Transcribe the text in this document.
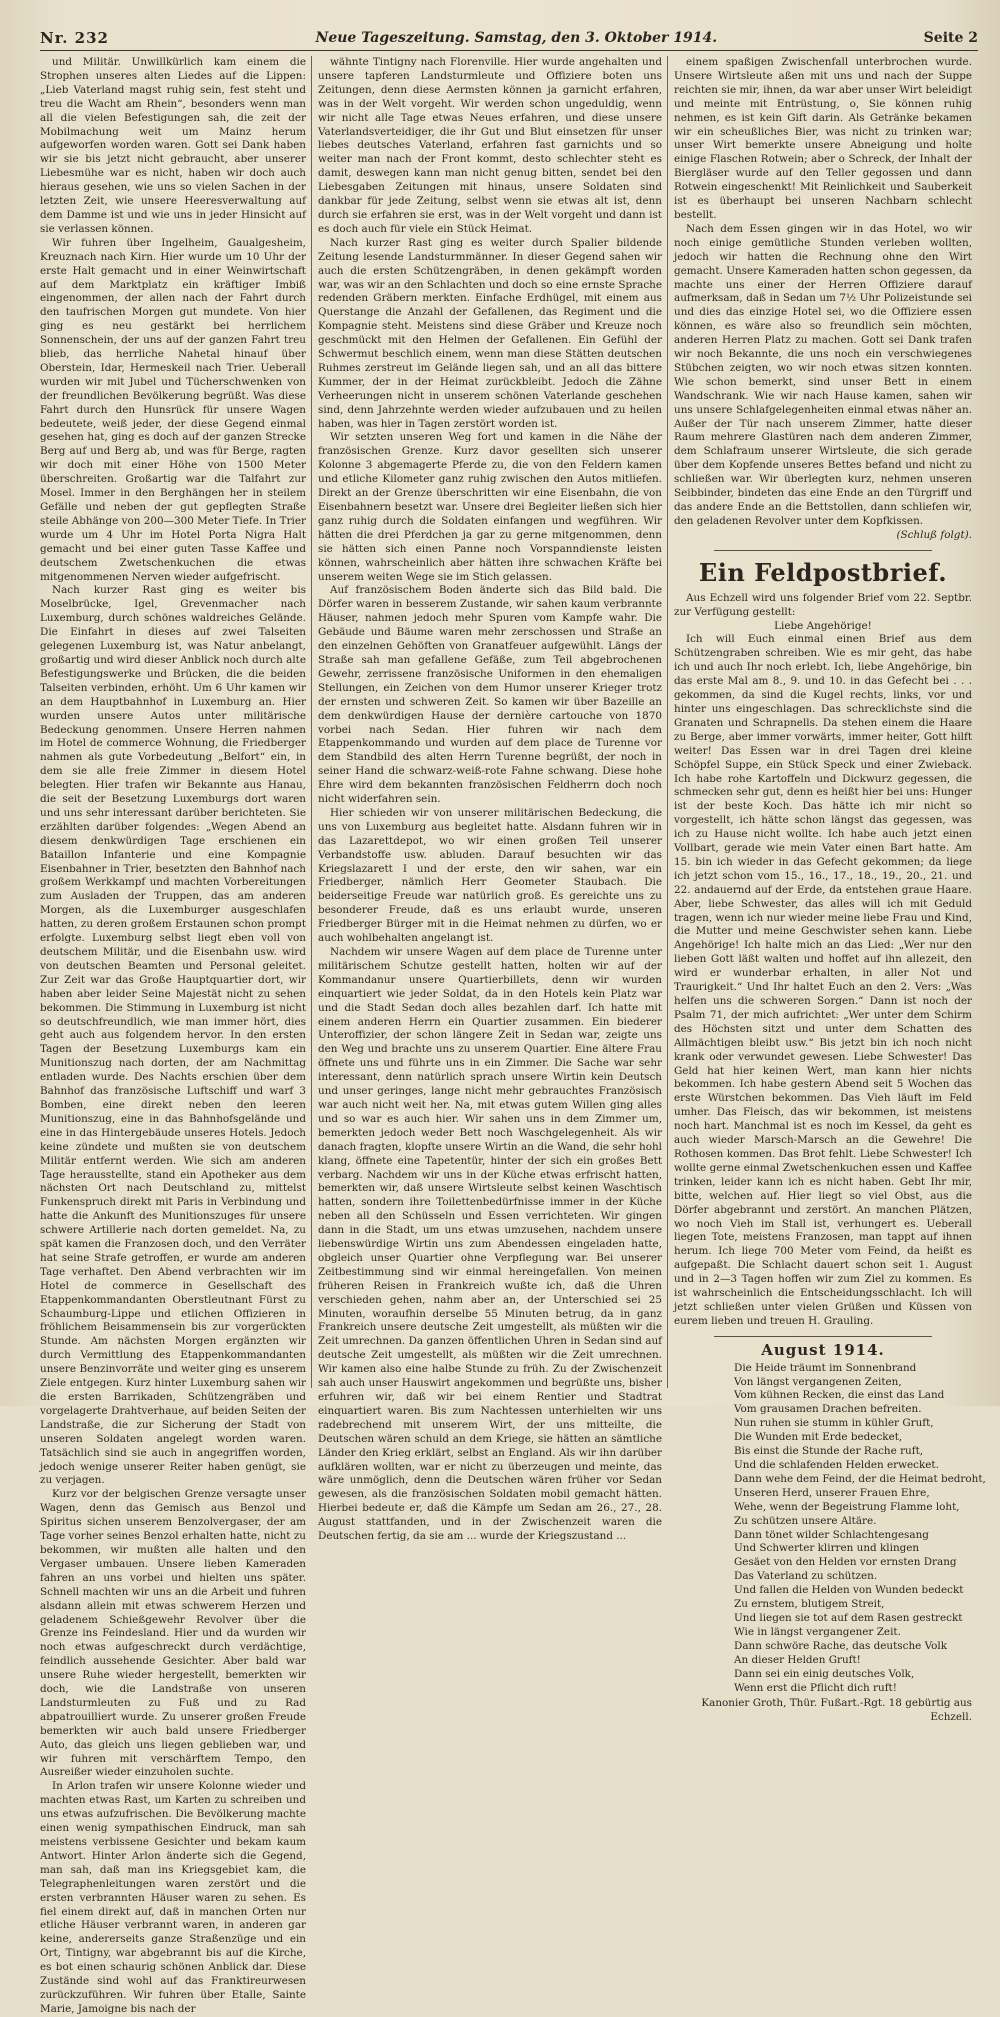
Nr. 232	Neue Tageszeitung. Samstag, den 3. Oktober 1914.	Seite 2

und Militär. Unwillkürlich kam einem die Strophen unseres alten Liedes auf die Lippen: „Lieb Vaterland magst ruhig sein, fest steht und treu die Wacht am Rhein“, besonders wenn man all die vielen Befestigungen sah, die zeit der Mobilmachung weit um Mainz herum aufgeworfen worden waren. Gott sei Dank haben wir sie bis jetzt nicht gebraucht, aber unserer Liebesmühe war es nicht, haben wir doch auch hieraus gesehen, wie uns so vielen Sachen in der letzten Zeit, wie unsere Heeresverwaltung auf dem Damme ist und wie uns in jeder Hinsicht auf sie verlassen können.

Wir fuhren über Ingelheim, Gaualgesheim, Kreuznach nach Kirn. Hier wurde um 10 Uhr der erste Halt gemacht und in einer Weinwirtschaft auf dem Marktplatz ein kräftiger Imbiß eingenommen, der allen nach der Fahrt durch den taufrischen Morgen gut mundete. Von hier ging es neu gestärkt bei herrlichem Sonnenschein, der uns auf der ganzen Fahrt treu blieb, das herrliche Nahetal hinauf über Oberstein, Idar, Hermeskeil nach Trier. Ueberall wurden wir mit Jubel und Tücherschwenken von der freundlichen Bevölkerung begrüßt. Was diese Fahrt durch den Hunsrück für unsere Wagen bedeutete, weiß jeder, der diese Gegend einmal gesehen hat, ging es doch auf der ganzen Strecke Berg auf und Berg ab, und was für Berge, ragten wir doch mit einer Höhe von 1500 Meter überschreiten. Großartig war die Talfahrt zur Mosel. Immer in den Berghängen her in steilem Gefälle und neben der gut gepflegten Straße steile Abhänge von 200—300 Meter Tiefe. In Trier wurde um 4 Uhr im Hotel Porta Nigra Halt gemacht und bei einer guten Tasse Kaffee und deutschem Zwetschenkuchen die etwas mitgenommenen Nerven wieder aufgefrischt.

Nach kurzer Rast ging es weiter bis Moselbrücke, Igel, Grevenmacher nach Luxemburg, durch schönes waldreiches Gelände. Die Einfahrt in dieses auf zwei Talseiten gelegenen Luxemburg ist, was Natur anbelangt, großartig und wird dieser Anblick noch durch alte Befestigungswerke und Brücken, die die beiden Talseiten verbinden, erhöht. Um 6 Uhr kamen wir an dem Hauptbahnhof in Luxemburg an. Hier wurden unsere Autos unter militärische Bedeckung genommen. Unsere Herren nahmen im Hotel de commerce Wohnung, die Friedberger nahmen als gute Vorbedeutung „Belfort“ ein, in dem sie alle freie Zimmer in diesem Hotel belegten. Hier trafen wir Bekannte aus Hanau, die seit der Besetzung Luxemburgs dort waren und uns sehr interessant darüber berichteten. Sie erzählten darüber folgendes: „Wegen Abend an diesem denkwürdigen Tage erschienen ein Bataillon Infanterie und eine Kompagnie Eisenbahner in Trier, besetzten den Bahnhof nach großem Werkkampf und machten Vorbereitungen zum Ausladen der Truppen, das am anderen Morgen, als die Luxemburger ausgeschlafen hatten, zu deren großem Erstaunen schon prompt erfolgte. Luxemburg selbst liegt eben voll von deutschem Militär, und die Eisenbahn usw. wird von deutschen Beamten und Personal geleitet. Zur Zeit war das Große Hauptquartier dort, wir haben aber leider Seine Majestät nicht zu sehen bekommen. Die Stimmung in Luxemburg ist nicht so deutschfreundlich, wie man immer hört, dies geht auch aus folgendem hervor. In den ersten Tagen der Besetzung Luxemburgs kam ein Munitionszug nach dorten, der am Nachmittag entladen wurde. Des Nachts erschien über dem Bahnhof das französische Luftschiff und warf 3 Bomben, eine direkt neben den leeren Munitionszug, eine in das Bahnhofsgelände und eine in das Hintergebäude unseres Hotels. Jedoch keine zündete und mußten sie von deutschem Militär entfernt werden. Wie sich am anderen Tage herausstellte, stand ein Apotheker aus dem nächsten Ort nach Deutschland zu, mittelst Funkenspruch direkt mit Paris in Verbindung und hatte die Ankunft des Munitionszuges für unsere schwere Artillerie nach dorten gemeldet. Na, zu spät kamen die Franzosen doch, und den Verräter hat seine Strafe getroffen, er wurde am anderen Tage verhaftet. Den Abend verbrachten wir im Hotel de commerce in Gesellschaft des Etappenkommandanten Oberstleutnant Fürst zu Schaumburg-Lippe und etlichen Offizieren in fröhlichem Beisammensein bis zur vorgerückten Stunde. Am nächsten Morgen ergänzten wir durch Vermittlung des Etappenkommandanten unsere Benzinvorräte und weiter ging es unserem Ziele entgegen. Kurz hinter Luxemburg sahen wir die ersten Barrikaden, Schützengräben und vorgelagerte Drahtverhaue, auf beiden Seiten der Landstraße, die zur Sicherung der Stadt von unseren Soldaten angelegt worden waren. Tatsächlich sind sie auch in angegriffen worden, jedoch wenige unserer Reiter haben genügt, sie zu verjagen.

Kurz vor der belgischen Grenze versagte unser Wagen, denn das Gemisch aus Benzol und Spiritus sichen unserem Benzolvergaser, der am Tage vorher seines Benzol erhalten hatte, nicht zu bekommen, wir mußten alle halten und den Vergaser umbauen. Unsere lieben Kameraden fahren an uns vorbei und hielten uns später. Schnell machten wir uns an die Arbeit und fuhren alsdann allein mit etwas schwerem Herzen und geladenem Schießgewehr Revolver über die Grenze ins Feindesland. Hier und da wurden wir noch etwas aufgeschreckt durch verdächtige, feindlich aussehende Gesichter. Aber bald war unsere Ruhe wieder hergestellt, bemerkten wir doch, wie die Landstraße von unseren Landsturmleuten zu Fuß und zu Rad abpatrouilliert wurde. Zu unserer großen Freude bemerkten wir auch bald unsere Friedberger Auto, das gleich uns liegen geblieben war, und wir fuhren mit verschärftem Tempo, den Ausreißer wieder einzuholen suchte.

In Arlon trafen wir unsere Kolonne wieder und machten etwas Rast, um Karten zu schreiben und uns etwas aufzufrischen. Die Bevölkerung machte einen wenig sympathischen Eindruck, man sah meistens verbissene Gesichter und bekam kaum Antwort. Hinter Arlon änderte sich die Gegend, man sah, daß man ins Kriegsgebiet kam, die Telegraphenleitungen waren zerstört und die ersten verbrannten Häuser waren zu sehen. Es fiel einem direkt auf, daß in manchen Orten nur etliche Häuser verbrannt waren, in anderen gar keine, andererseits ganze Straßenzüge und ein Ort, Tintigny, war abgebrannt bis auf die Kirche, es bot einen schaurig schönen Anblick dar. Diese Zustände sind wohl auf das Franktireurwesen zurückzuführen. Wir fuhren über Etalle, Sainte Marie, Jamoigne bis nach der

wähnte Tintigny nach Florenville. Hier wurde angehalten und unsere tapferen Landsturmleute und Offiziere boten uns Zeitungen, denn diese Aermsten können ja garnicht erfahren, was in der Welt vorgeht. Wir werden schon ungeduldig, wenn wir nicht alle Tage etwas Neues erfahren, und diese unsere Vaterlandsverteidiger, die ihr Gut und Blut einsetzen für unser liebes deutsches Vaterland, erfahren fast garnichts und so weiter man nach der Front kommt, desto schlechter steht es damit, deswegen kann man nicht genug bitten, sendet bei den Liebesgaben Zeitungen mit hinaus, unsere Soldaten sind dankbar für jede Zeitung, selbst wenn sie etwas alt ist, denn durch sie erfahren sie erst, was in der Welt vorgeht und dann ist es doch auch für viele ein Stück Heimat.

Nach kurzer Rast ging es weiter durch Spalier bildende Zeitung lesende Landsturmmänner. In dieser Gegend sahen wir auch die ersten Schützengräben, in denen gekämpft worden war, was wir an den Schlachten und doch so eine ernste Sprache redenden Gräbern merkten. Einfache Erdhügel, mit einem aus Querstange die Anzahl der Gefallenen, das Regiment und die Kompagnie steht. Meistens sind diese Gräber und Kreuze noch geschmückt mit den Helmen der Gefallenen. Ein Gefühl der Schwermut beschlich einem, wenn man diese Stätten deutschen Ruhmes zerstreut im Gelände liegen sah, und an all das bittere Kummer, der in der Heimat zurückbleibt. Jedoch die Zähne Verheerungen nicht in unserem schönen Vaterlande geschehen sind, denn Jahrzehnte werden wieder aufzubauen und zu heilen haben, was hier in Tagen zerstört worden ist.

Wir setzten unseren Weg fort und kamen in die Nähe der französischen Grenze. Kurz davor gesellten sich unserer Kolonne 3 abgemagerte Pferde zu, die von den Feldern kamen und etliche Kilometer ganz ruhig zwischen den Autos mitliefen. Direkt an der Grenze überschritten wir eine Eisenbahn, die von Eisenbahnern besetzt war. Unsere drei Begleiter ließen sich hier ganz ruhig durch die Soldaten einfangen und wegführen. Wir hätten die drei Pferdchen ja gar zu gerne mitgenommen, denn sie hätten sich einen Panne noch Vorspanndienste leisten können, wahrscheinlich aber hätten ihre schwachen Kräfte bei unserem weiten Wege sie im Stich gelassen.

Auf französischem Boden änderte sich das Bild bald. Die Dörfer waren in besserem Zustande, wir sahen kaum verbrannte Häuser, nahmen jedoch mehr Spuren vom Kampfe wahr. Die Gebäude und Bäume waren mehr zerschossen und Straße an den einzelnen Gehöften von Granatfeuer aufgewühlt. Längs der Straße sah man gefallene Gefäße, zum Teil abgebrochenen Gewehr, zerrissene französische Uniformen in den ehemaligen Stellungen, ein Zeichen von dem Humor unserer Krieger trotz der ernsten und schweren Zeit. So kamen wir über Bazeille an dem denkwürdigen Hause der dernière cartouche von 1870 vorbei nach Sedan. Hier fuhren wir nach dem Etappenkommando und wurden auf dem place de Turenne vor dem Standbild des alten Herrn Turenne begrüßt, der noch in seiner Hand die schwarz-weiß-rote Fahne schwang. Diese hohe Ehre wird dem bekannten französischen Feldherrn doch noch nicht widerfahren sein.

Hier schieden wir von unserer militärischen Bedeckung, die uns von Luxemburg aus begleitet hatte. Alsdann fuhren wir in das Lazarettdepot, wo wir einen großen Teil unserer Verbandstoffe usw. abluden. Darauf besuchten wir das Kriegslazarett I und der erste, den wir sahen, war ein Friedberger, nämlich Herr Geometer Staubach. Die beiderseitige Freude war natürlich groß. Es gereichte uns zu besonderer Freude, daß es uns erlaubt wurde, unseren Friedberger Bürger mit in die Heimat nehmen zu dürfen, wo er auch wohlbehalten angelangt ist.

Nachdem wir unsere Wagen auf dem place de Turenne unter militärischem Schutze gestellt hatten, holten wir auf der Kommandanur unsere Quartierbillets, denn wir wurden einquartiert wie jeder Soldat, da in den Hotels kein Platz war und die Stadt Sedan doch alles bezahlen darf. Ich hatte mit einem anderen Herrn ein Quartier zusammen. Ein biederer Unteroffizier, der schon längere Zeit in Sedan war, zeigte uns den Weg und brachte uns zu unserem Quartier. Eine ältere Frau öffnete uns und führte uns in ein Zimmer. Die Sache war sehr interessant, denn natürlich sprach unsere Wirtin kein Deutsch und unser geringes, lange nicht mehr gebrauchtes Französisch war auch nicht weit her. Na, mit etwas gutem Willen ging alles und so war es auch hier. Wir sahen uns in dem Zimmer um, bemerkten jedoch weder Bett noch Waschgelegenheit. Als wir danach fragten, klopfte unsere Wirtin an die Wand, die sehr hohl klang, öffnete eine Tapetentür, hinter der sich ein großes Bett verbarg. Nachdem wir uns in der Küche etwas erfrischt hatten, bemerkten wir, daß unsere Wirtsleute selbst keinen Waschtisch hatten, sondern ihre Toilettenbedürfnisse immer in der Küche neben all den Schüsseln und Essen verrichteten. Wir gingen dann in die Stadt, um uns etwas umzusehen, nachdem unsere liebenswürdige Wirtin uns zum Abendessen eingeladen hatte, obgleich unser Quartier ohne Verpflegung war. Bei unserer Zeitbestimmung sind wir einmal hereingefallen. Von meinen früheren Reisen in Frankreich wußte ich, daß die Uhren verschieden gehen, nahm aber an, der Unterschied sei 25 Minuten, woraufhin derselbe 55 Minuten betrug, da in ganz Frankreich unsere deutsche Zeit umgestellt, als müßten wir die Zeit umrechnen. Da ganzen öffentlichen Uhren in Sedan sind auf deutsche Zeit umgestellt, als müßten wir die Zeit umrechnen. Wir kamen also eine halbe Stunde zu früh. Zu der Zwischenzeit sah auch unser Hauswirt angekommen und begrüßte uns, bisher erfuhren wir, daß wir bei einem Rentier und Stadtrat einquartiert waren. Bis zum Nachtessen unterhielten wir uns radebrechend mit unserem Wirt, der uns mitteilte, die Deutschen wären schuld an dem Kriege, sie hätten an sämtliche Länder den Krieg erklärt, selbst an England. Als wir ihn darüber aufklären wollten, war er nicht zu überzeugen und meinte, das wäre unmöglich, denn die Deutschen wären früher vor Sedan gewesen, als die französischen Soldaten mobil gemacht hätten. Hierbei bedeute er, daß die Kämpfe um Sedan am 26., 27., 28. August stattfanden, und in der Zwischenzeit waren die Deutschen fertig, da sie am ... wurde der Kriegszustand ...

einem spaßigen Zwischenfall unterbrochen wurde. Unsere Wirtsleute aßen mit uns und nach der Suppe reichten sie mir, ihnen, da war aber unser Wirt beleidigt und meinte mit Entrüstung, o, Sie können ruhig nehmen, es ist kein Gift darin. Als Getränke bekamen wir ein scheußliches Bier, was nicht zu trinken war; unser Wirt bemerkte unsere Abneigung und holte einige Flaschen Rotwein; aber o Schreck, der Inhalt der Biergläser wurde auf den Teller gegossen und dann Rotwein eingeschenkt! Mit Reinlichkeit und Sauberkeit ist es überhaupt bei unseren Nachbarn schlecht bestellt.

Nach dem Essen gingen wir in das Hotel, wo wir noch einige gemütliche Stunden verleben wollten, jedoch wir hatten die Rechnung ohne den Wirt gemacht. Unsere Kameraden hatten schon gegessen, da machte uns einer der Herren Offiziere darauf aufmerksam, daß in Sedan um 7½ Uhr Polizeistunde sei und dies das einzige Hotel sei, wo die Offiziere essen können, es wäre also so freundlich sein möchten, anderen Herren Platz zu machen. Gott sei Dank trafen wir noch Bekannte, die uns noch ein verschwiegenes Stübchen zeigten, wo wir noch etwas sitzen konnten. Wie schon bemerkt, sind unser Bett in einem Wandschrank. Wie wir nach Hause kamen, sahen wir uns unsere Schlafgelegenheiten einmal etwas näher an. Außer der Tür nach unserem Zimmer, hatte dieser Raum mehrere Glastüren nach dem anderen Zimmer, dem Schlafraum unserer Wirtsleute, die sich gerade über dem Kopfende unseres Bettes befand und nicht zu schließen war. Wir überlegten kurz, nehmen unseren Seibbinder, bindeten das eine Ende an den Türgriff und das andere Ende an die Bettstollen, dann schliefen wir, den geladenen Revolver unter dem Kopfkissen.

(Schluß folgt).
Ein Feldpostbrief.

Aus Echzell wird uns folgender Brief vom 22. Septbr. zur Verfügung gestellt:

Liebe Angehörige!

Ich will Euch einmal einen Brief aus dem Schützengraben schreiben. Wie es mir geht, das habe ich und auch Ihr noch erlebt. Ich, liebe Angehörige, bin das erste Mal am 8., 9. und 10. in das Gefecht bei . . . gekommen, da sind die Kugel rechts, links, vor und hinter uns eingeschlagen. Das schrecklichste sind die Granaten und Schrapnells. Da stehen einem die Haare zu Berge, aber immer vorwärts, immer heiter, Gott hilft weiter! Das Essen war in drei Tagen drei kleine Schöpfel Suppe, ein Stück Speck und einer Zwieback. Ich habe rohe Kartoffeln und Dickwurz gegessen, die schmecken sehr gut, denn es heißt hier bei uns: Hunger ist der beste Koch. Das hätte ich mir nicht so vorgestellt, ich hätte schon längst das gegessen, was ich zu Hause nicht wollte. Ich habe auch jetzt einen Vollbart, gerade wie mein Vater einen Bart hatte. Am 15. bin ich wieder in das Gefecht gekommen; da liege ich jetzt schon vom 15., 16., 17., 18., 19., 20., 21. und 22. andauernd auf der Erde, da entstehen graue Haare. Aber, liebe Schwester, das alles will ich mit Geduld tragen, wenn ich nur wieder meine liebe Frau und Kind, die Mutter und meine Geschwister sehen kann. Liebe Angehörige! Ich halte mich an das Lied: „Wer nur den lieben Gott läßt walten und hoffet auf ihn allezeit, den wird er wunderbar erhalten, in aller Not und Traurigkeit.“ Und Ihr haltet Euch an den 2. Vers: „Was helfen uns die schweren Sorgen.“ Dann ist noch der Psalm 71, der mich aufrichtet: „Wer unter dem Schirm des Höchsten sitzt und unter dem Schatten des Allmächtigen bleibt usw.“ Bis jetzt bin ich noch nicht krank oder verwundet gewesen. Liebe Schwester! Das Geld hat hier keinen Wert, man kann hier nichts bekommen. Ich habe gestern Abend seit 5 Wochen das erste Würstchen bekommen. Das Vieh läuft im Feld umher. Das Fleisch, das wir bekommen, ist meistens noch hart. Manchmal ist es noch im Kessel, da geht es auch wieder Marsch-Marsch an die Gewehre! Die Rothosen kommen. Das Brot fehlt. Liebe Schwester! Ich wollte gerne einmal Zwetschenkuchen essen und Kaffee trinken, leider kann ich es nicht haben. Gebt Ihr mir, bitte, welchen auf. Hier liegt so viel Obst, aus die Dörfer abgebrannt und zerstört. An manchen Plätzen, wo noch Vieh im Stall ist, verhungert es. Ueberall liegen Tote, meistens Franzosen, man tappt auf ihnen herum. Ich liege 700 Meter vom Feind, da heißt es aufgepaßt. Die Schlacht dauert schon seit 1. August und in 2—3 Tagen hoffen wir zum Ziel zu kommen. Es ist wahrscheinlich die Entscheidungsschlacht. Ich will jetzt schließen unter vielen Grüßen und Küssen von eurem lieben und treuen H. Grauling.

August 1914.
Die Heide träumt im Sonnenbrand
Von längst vergangenen Zeiten,
Vom kühnen Recken, die einst das Land
Vom grausamen Drachen befreiten.
Nun ruhen sie stumm in kühler Gruft,
Die Wunden mit Erde bedecket,
Bis einst die Stunde der Rache ruft,
Und die schlafenden Helden erwecket.
Dann wehe dem Feind, der die Heimat bedroht,
Unseren Herd, unserer Frauen Ehre,
Wehe, wenn der Begeistrung Flamme loht,
Zu schützen unsere Altäre.
Dann tönet wilder Schlachtengesang
Und Schwerter klirren und klingen
Gesäet von den Helden vor ernsten Drang
Das Vaterland zu schützen.
Und fallen die Helden von Wunden bedeckt
Zu ernstem, blutigem Streit,
Und liegen sie tot auf dem Rasen gestreckt
Wie in längst vergangener Zeit.
Dann schwöre Rache, das deutsche Volk
An dieser Helden Gruft!
Dann sei ein einig deutsches Volk,
Wenn erst die Pflicht dich ruft!
Kanonier Groth, Thür. Fußart.-Rgt. 18 gebürtig aus Echzell.
